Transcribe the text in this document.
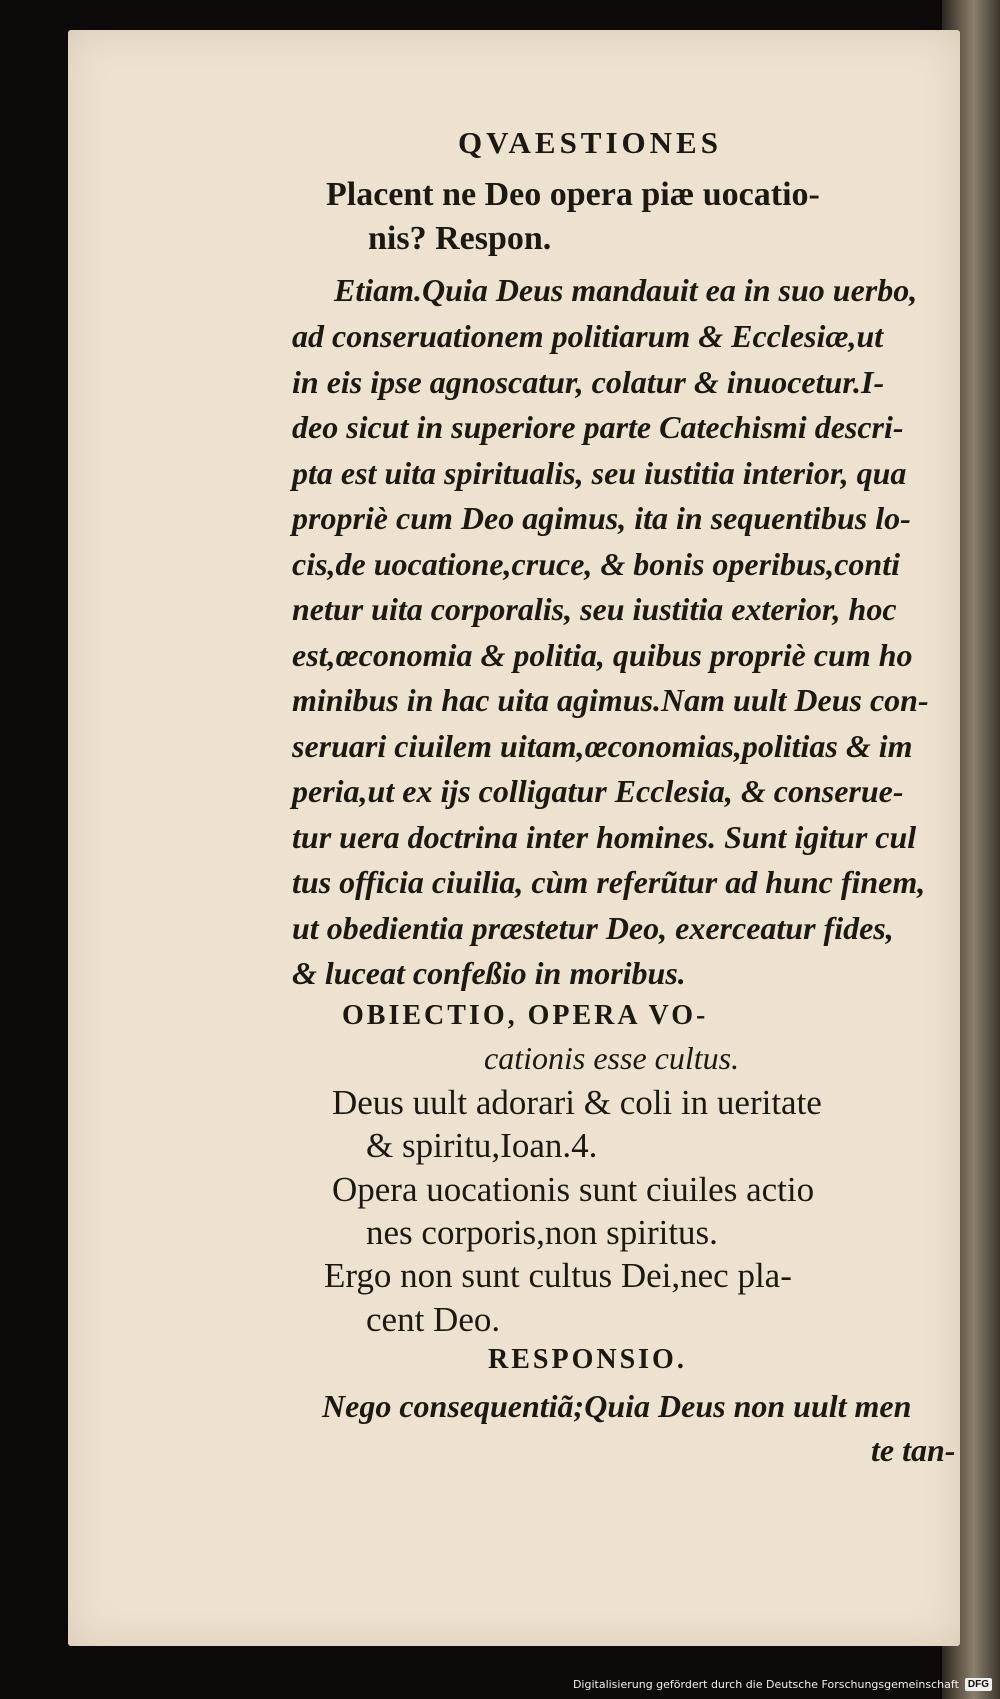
QVAESTIONES
Placent ne Deo opera piæ uocatio-
nis? Respon.
Etiam.Quia Deus mandauit ea in suo uerbo,
ad conseruationem politiarum & Ecclesiæ,ut
in eis ipse agnoscatur, colatur & inuocetur.I-
deo sicut in superiore parte Catechismi descri-
pta est uita spiritualis, seu iustitia interior, qua
propriè cum Deo agimus, ita in sequentibus lo-
cis,de uocatione,cruce, & bonis operibus,conti
netur uita corporalis, seu iustitia exterior, hoc
est,œconomia & politia, quibus propriè cum ho
minibus in hac uita agimus.Nam uult Deus con-
seruari ciuilem uitam,œconomias,politias & im
peria,ut ex ijs colligatur Ecclesia, & conserue-
tur uera doctrina inter homines. Sunt igitur cul
tus officia ciuilia, cùm referũtur ad hunc finem,
ut obedientia præstetur Deo, exerceatur fides,
& luceat confeßio in moribus.
OBIECTIO, OPERA VO-
cationis esse cultus.
Deus uult adorari & coli in ueritate
& spiritu,Ioan.4.
Opera uocationis sunt ciuiles actio
nes corporis,non spiritus.
Ergo non sunt cultus Dei,nec pla-
cent Deo.
RESPONSIO.
Nego consequentiã;Quia Deus non uult men
te tan-
Digitalisierung gefördert durch die Deutsche Forschungsgemeinschaft DFG
